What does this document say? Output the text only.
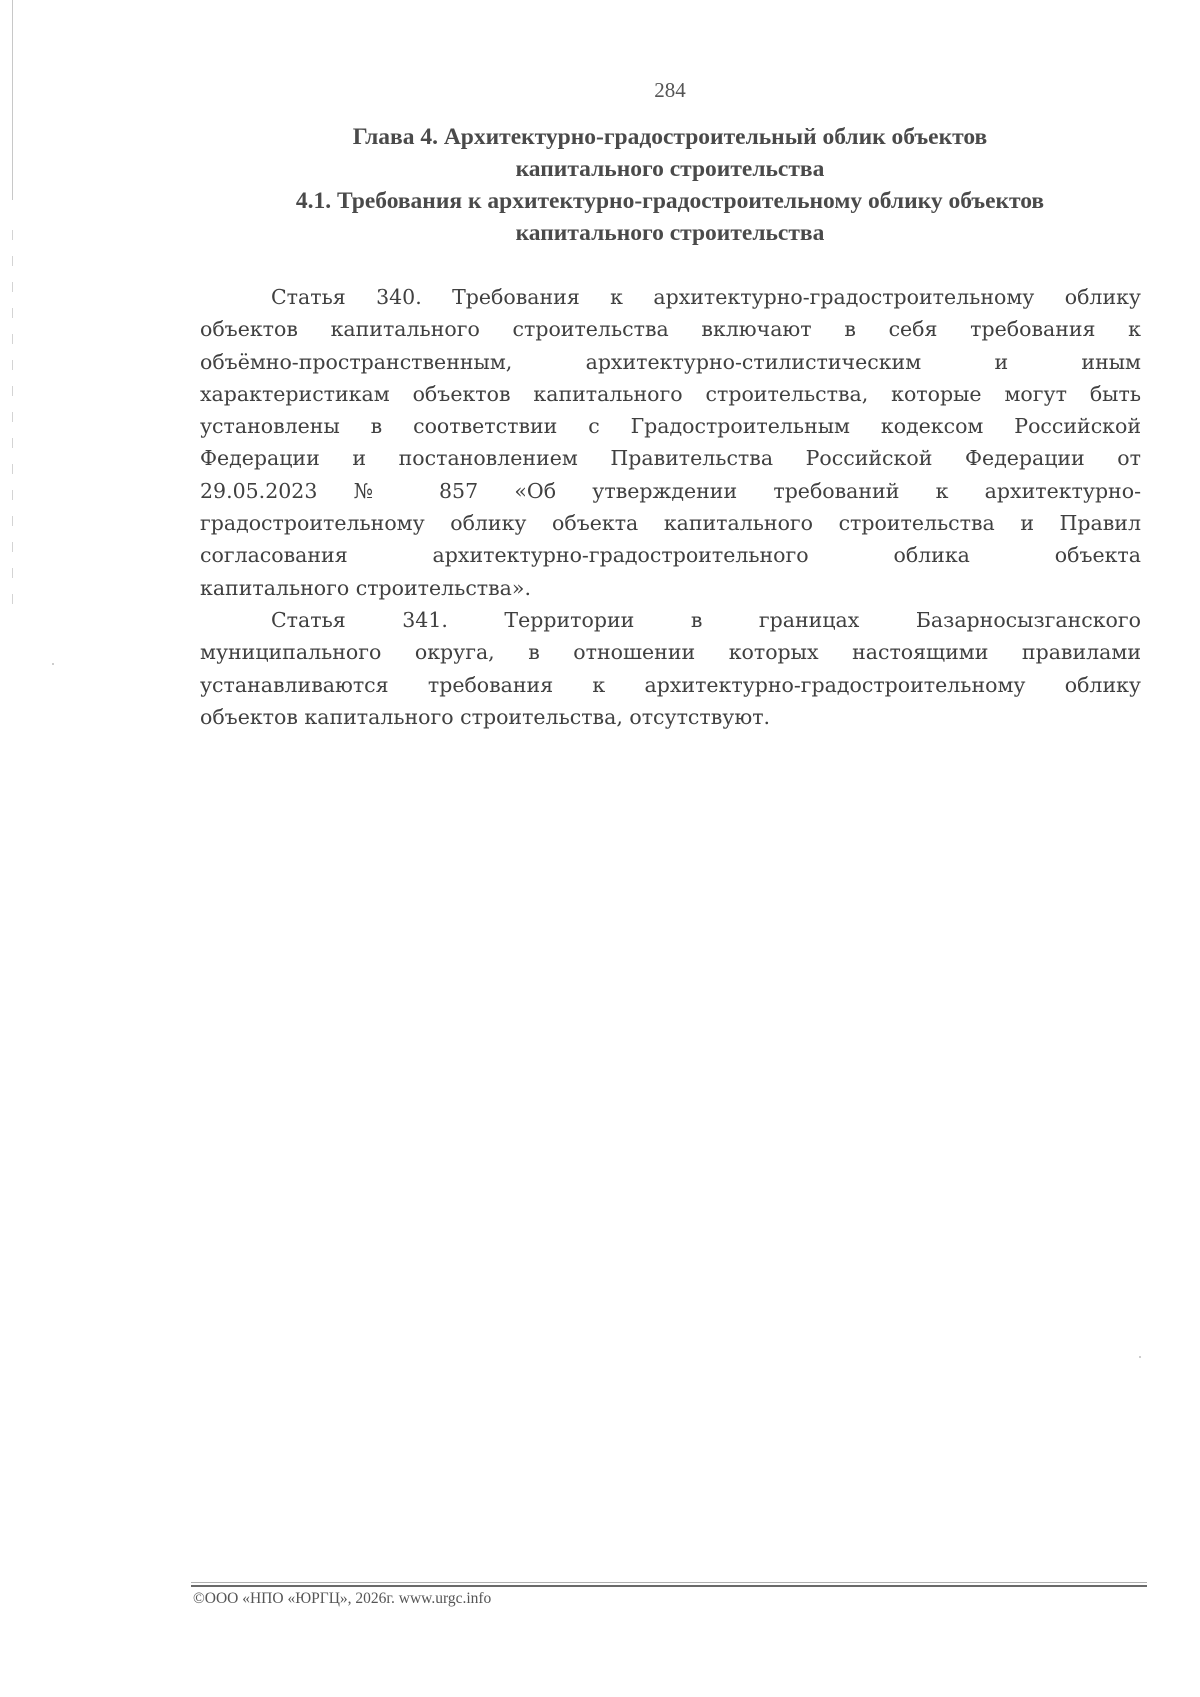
284
Глава 4. Архитектурно-градостроительный облик объектов
капитального строительства
4.1. Требования к архитектурно-градостроительному облику объектов
капитального строительства
Статья 340. Требования к архитектурно-градостроительному облику
объектов капитального строительства включают в себя требования к
объёмно-пространственным, архитектурно-стилистическим и иным
характеристикам объектов капитального строительства, которые могут быть
установлены в соответствии с Градостроительным кодексом Российской
Федерации и постановлением Правительства Российской Федерации от
29.05.2023 № 857 «Об утверждении требований к архитектурно-
градостроительному облику объекта капитального строительства и Правил
согласования архитектурно-градостроительного облика объекта
капитального строительства».
Статья 341. Территории в границах Базарносызганского
муниципального округа, в отношении которых настоящими правилами
устанавливаются требования к архитектурно-градостроительному облику
объектов капитального строительства, отсутствуют.
©ООО «НПО «ЮРГЦ», 2026г. www.urgc.info
